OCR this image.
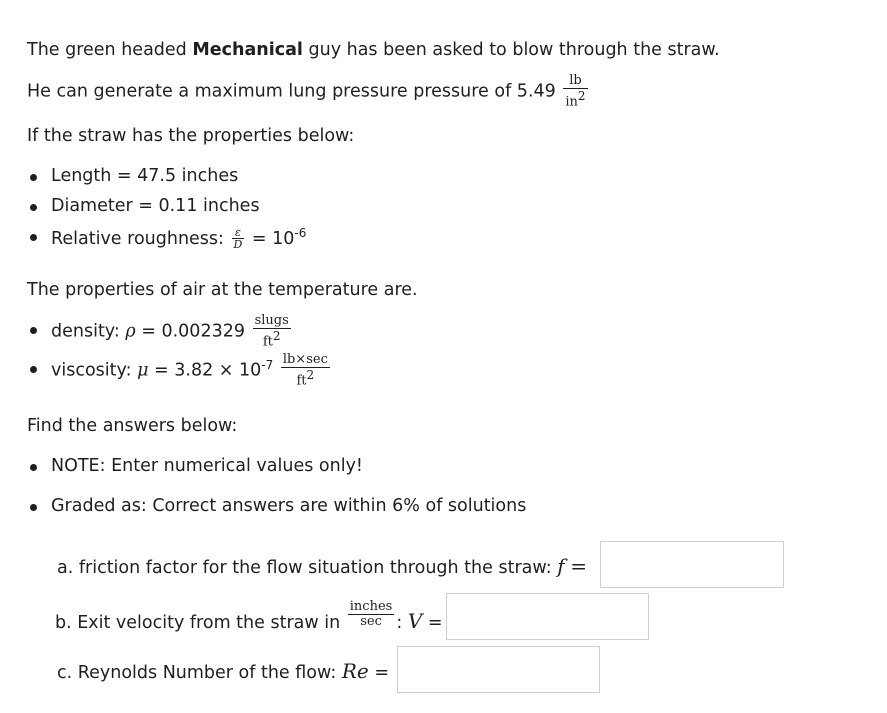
The green headed Mechanical guy has been asked to blow through the straw.
He can generate a maximum lung pressure pressure of $5.49 \frac{lb}{in^2}$
If the straw has the properties below:
Length = 47.5 inches
Diameter = 0.11 inches
Relative roughness: $\frac{\varepsilon}{D} = 10^{-6}$
The properties of air at the temperature are.
density: $\rho = 0.002329 \frac{\text{slugs}}{ft^2}$
viscosity: $\mu = 3.82 \times 10^{-7} \frac{lb\times\sec}{ft^2}$
Find the answers below:
NOTE: Enter numerical values only!
Graded as: Correct answers are within 6% of solutions
a. friction factor for the flow situation through the straw: f =
b. Exit velocity from the straw in $\frac{\text{inches}}{\sec}$ : V =
c. Reynolds Number of the flow: Re =
